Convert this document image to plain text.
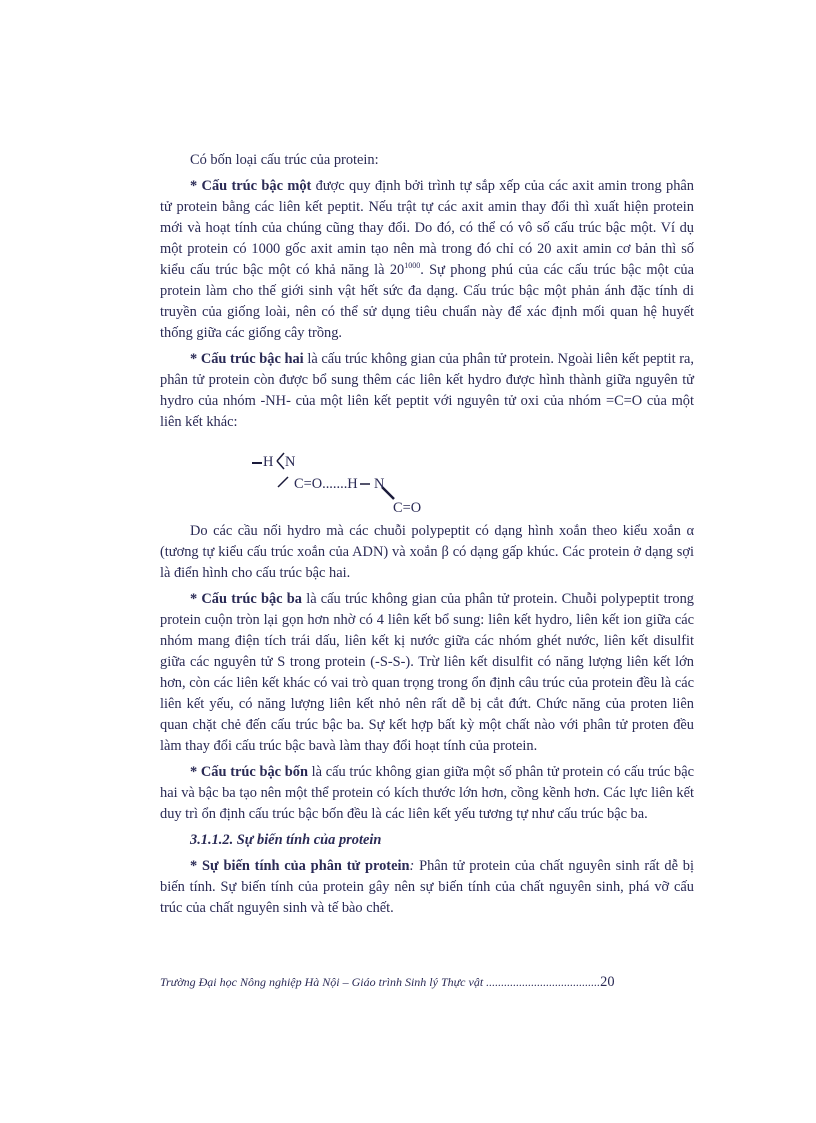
Có bốn loại cấu trúc của protein:

* Cấu trúc bậc một được quy định bởi trình tự sắp xếp của các axit amin trong phân tử protein bằng các liên kết peptit. Nếu trật tự các axit amin thay đổi thì xuất hiện protein mới và hoạt tính của chúng cũng thay đổi. Do đó, có thể có vô số cấu trúc bậc một. Ví dụ một protein có 1000 gốc axit amin tạo nên mà trong đó chỉ có 20 axit amin cơ bản thì số kiểu cấu trúc bậc một có khả năng là $20^{1000}$. Sự phong phú của các cấu trúc bậc một của protein làm cho thế giới sinh vật hết sức đa dạng. Cấu trúc bậc một phản ánh đặc tính di truyền của giống loài, nên có thể sử dụng tiêu chuẩn này để xác định mối quan hệ huyết thống giữa các giống cây trồng.

* Cấu trúc bậc hai là cấu trúc không gian của phân tử protein. Ngoài liên kết peptit ra, phân tử protein còn được bổ sung thêm các liên kết hydro được hình thành giữa nguyên tử hydro của nhóm -NH- của một liên kết peptit với nguyên tử oxi của nhóm =C=O của một liên kết khác:

H N
C=O.......H N
C=O

Do các cầu nối hydro mà các chuỗi polypeptit có dạng hình xoắn theo kiểu xoắn α (tương tự kiểu cấu trúc xoắn của ADN) và xoắn β có dạng gấp khúc. Các protein ở dạng sợi là điển hình cho cấu trúc bậc hai.

* Cấu trúc bậc ba là cấu trúc không gian của phân tử protein. Chuỗi polypeptit trong protein cuộn tròn lại gọn hơn nhờ có 4 liên kết bổ sung: liên kết hydro, liên kết ion giữa các nhóm mang điện tích trái dấu, liên kết kị nước giữa các nhóm ghét nước, liên kết disulfit giữa các nguyên tử S trong protein (-S-S-). Trừ liên kết disulfit có năng lượng liên kết lớn hơn, còn các liên kết khác có vai trò quan trọng trong ổn định câu trúc của protein đều là các liên kết yếu, có năng lượng liên kết nhỏ nên rất dễ bị cắt đứt. Chức năng của proten liên quan chặt chẻ đến cấu trúc bậc ba. Sự kết hợp bất kỳ một chất nào với phân tử proten đều làm thay đổi cấu trúc bậc bavà làm thay đổi hoạt tính của protein.

* Cấu trúc bậc bốn là cấu trúc không gian giữa một số phân tử protein có cấu trúc bậc hai và bậc ba tạo nên một thể protein có kích thước lớn hơn, cồng kềnh hơn. Các lực liên kết duy trì ổn định cấu trúc bậc bốn đều là các liên kết yếu tương tự như cấu trúc bậc ba.

3.1.1.2. Sự biến tính của protein

* Sự biến tính của phân tử protein: Phân tử protein của chất nguyên sinh rất dễ bị biến tính. Sự biến tính của protein gây nên sự biến tính của chất nguyên sinh, phá vỡ cấu trúc của chất nguyên sinh và tế bào chết.

Trường Đại học Nông nghiệp Hà Nội – Giáo trình Sinh lý Thực vật ......................................20
